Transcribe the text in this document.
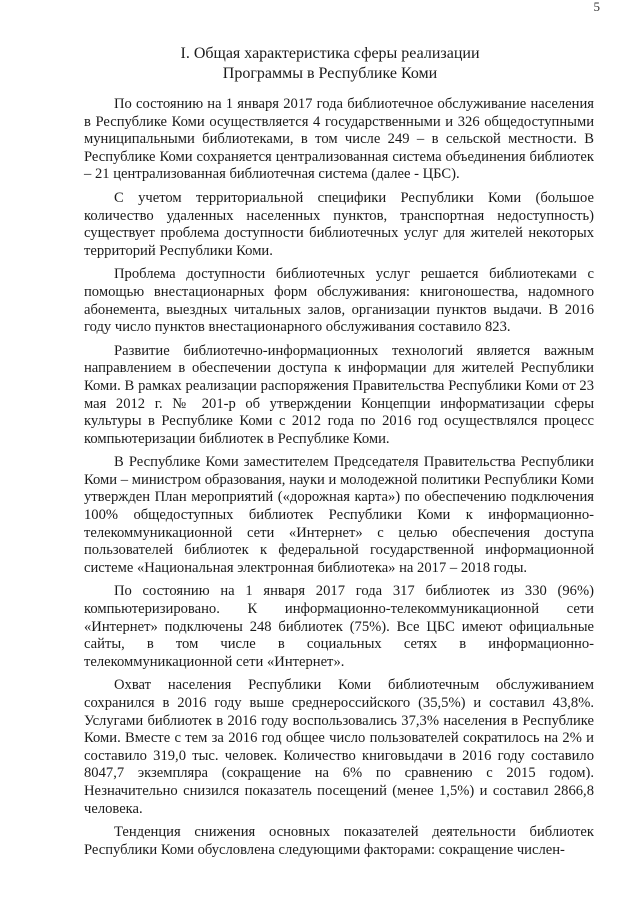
5
I. Общая характеристика сферы реализации
Программы в Республике Коми

По состоянию на 1 января 2017 года библиотечное обслуживание населения в Республике Коми осуществляется 4 государственными и 326 общедоступными муниципальными библиотеками, в том числе 249 – в сельской местности. В Республике Коми сохраняется централизованная система объединения библиотек – 21 централизованная библиотечная система (далее - ЦБС).

С учетом территориальной специфики Республики Коми (большое количество удаленных населенных пунктов, транспортная недоступность) существует проблема доступности библиотечных услуг для жителей некоторых территорий Республики Коми.

Проблема доступности библиотечных услуг решается библиотеками с помощью внестационарных форм обслуживания: книгоношества, надомного абонемента, выездных читальных залов, организации пунктов выдачи. В 2016 году число пунктов внестационарного обслуживания составило 823.

Развитие библиотечно-информационных технологий является важным направлением в обеспечении доступа к информации для жителей Республики Коми. В рамках реализации распоряжения Правительства Республики Коми от 23 мая 2012 г. № 201-р об утверждении Концепции информатизации сферы культуры в Республике Коми с 2012 года по 2016 год осуществлялся процесс компьютеризации библиотек в Республике Коми.

В Республике Коми заместителем Председателя Правительства Республики Коми – министром образования, науки и молодежной политики Республики Коми утвержден План мероприятий («дорожная карта») по обеспечению подключения 100% общедоступных библиотек Республики Коми к информационно-телекоммуникационной сети «Интернет» с целью обеспечения доступа пользователей библиотек к федеральной государственной информационной системе «Национальная электронная библиотека» на 2017 – 2018 годы.

По состоянию на 1 января 2017 года 317 библиотек из 330 (96%) компьютеризировано. К информационно-телекоммуникационной сети «Интернет» подключены 248 библиотек (75%). Все ЦБС имеют официальные сайты, в том числе в социальных сетях в информационно-телекоммуникационной сети «Интернет».

Охват населения Республики Коми библиотечным обслуживанием сохранился в 2016 году выше среднероссийского (35,5%) и составил 43,8%. Услугами библиотек в 2016 году воспользовались 37,3% населения в Республике Коми. Вместе с тем за 2016 год общее число пользователей сократилось на 2% и составило 319,0 тыс. человек. Количество книговыдачи в 2016 году составило 8047,7 экземпляра (сокращение на 6% по сравнению с 2015 годом). Незначительно снизился показатель посещений (менее 1,5%) и составил 2866,8 человека.

Тенденция снижения основных показателей деятельности библиотек Республики Коми обусловлена следующими факторами: сокращение числен-
